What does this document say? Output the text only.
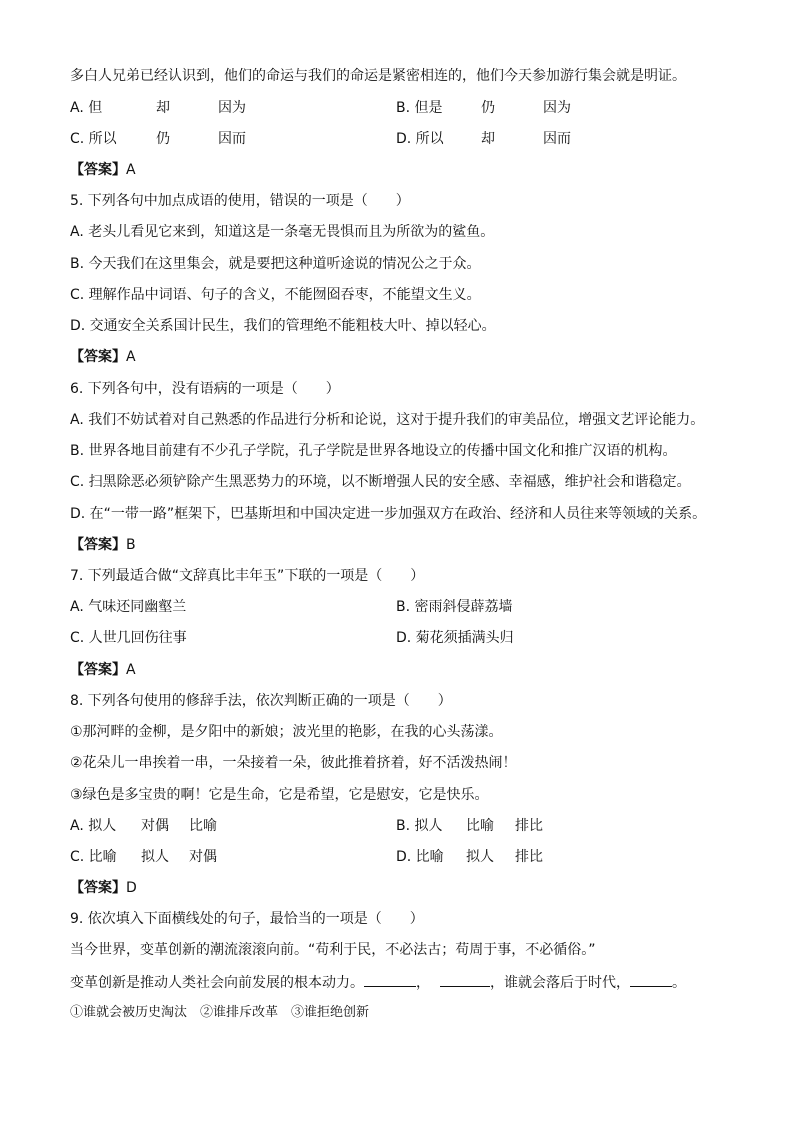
多白人兄弟已经认识到，他们的命运与我们的命运是紧密相连的，他们今天参加游行集会就是明证。
A. 但	却	因为	B. 但是	仍	因为
C. 所以	仍	因而	D. 所以	却	因而
【答案】A
5. 下列各句中加点成语的使用，错误的一项是（　　）
A. 老头儿看见它来到，知道这是一条毫无畏惧而且为所欲为的鲨鱼。
B. 今天我们在这里集会，就是要把这种道听途说的情况公之于众。
C. 理解作品中词语、句子的含义，不能囫囵吞枣，不能望文生义。
D. 交通安全关系国计民生，我们的管理绝不能粗枝大叶、掉以轻心。
【答案】A
6. 下列各句中，没有语病的一项是（　　）
A. 我们不妨试着对自己熟悉的作品进行分析和论说，这对于提升我们的审美品位，增强文艺评论能力。
B. 世界各地目前建有不少孔子学院，孔子学院是世界各地设立的传播中国文化和推广汉语的机构。
C. 扫黑除恶必须铲除产生黑恶势力的环境，以不断增强人民的安全感、幸福感，维护社会和谐稳定。
D. 在“一带一路”框架下，巴基斯坦和中国决定进一步加强双方在政治、经济和人员往来等领域的关系。
【答案】B
7. 下列最适合做“文辞真比丰年玉”下联的一项是（　　）
A. 气味还同幽壑兰	B. 密雨斜侵薜荔墙
C. 人世几回伤往事	D. 菊花须插满头归
【答案】A
8. 下列各句使用的修辞手法，依次判断正确的一项是（　　）
①那河畔的金柳，是夕阳中的新娘；波光里的艳影，在我的心头荡漾。
②花朵儿一串挨着一串，一朵接着一朵，彼此推着挤着，好不活泼热闹！
③绿色是多宝贵的啊！它是生命，它是希望，它是慰安，它是快乐。
A. 拟人 对偶 比喻	B. 拟人 比喻 排比
C. 比喻 拟人 对偶	D. 比喻 拟人 排比
【答案】D
9. 依次填入下面横线处的句子，最恰当的一项是（　　）
当今世界，变革创新的潮流滚滚向前。“苟利于民，不必法古；苟周于事，不必循俗。”
变革创新是推动人类社会向前发展的根本动力。	，	，谁就会落后于时代，	。
①谁就会被历史淘汰　②谁排斥改革　③谁拒绝创新
